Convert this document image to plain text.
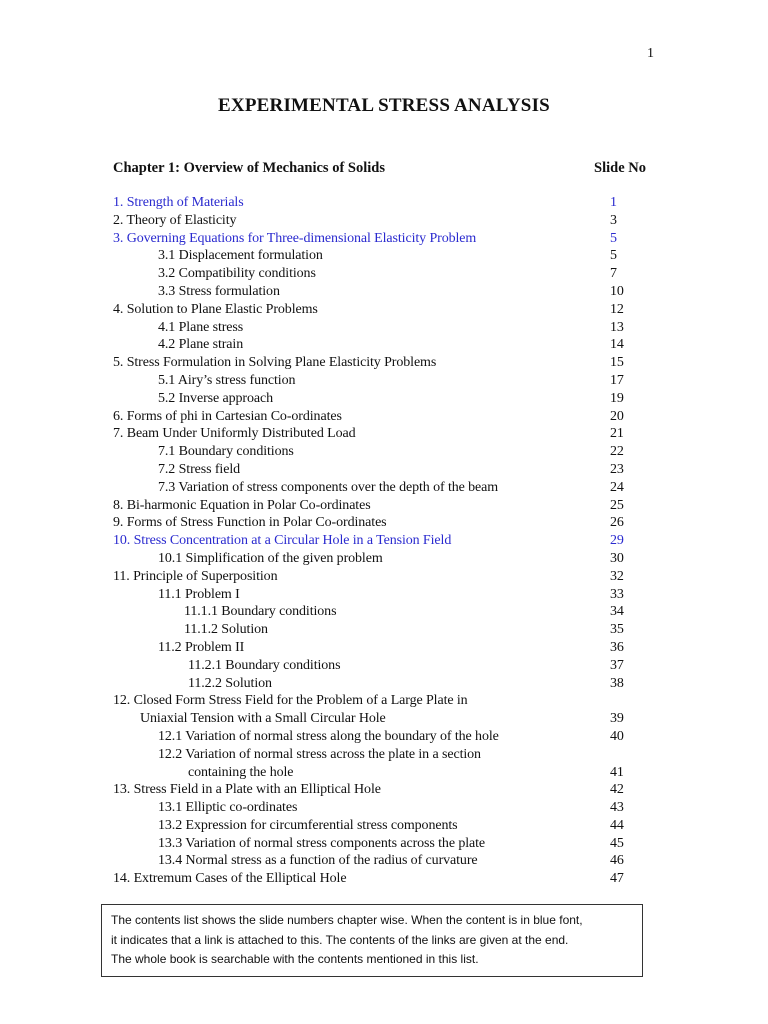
1
EXPERIMENTAL STRESS ANALYSIS
Chapter 1: Overview of Mechanics of Solids	Slide No
1. Strength of Materials	1
2. Theory of Elasticity	3
3. Governing Equations for Three-dimensional Elasticity Problem	5
3.1 Displacement formulation	5
3.2 Compatibility conditions	7
3.3 Stress formulation	10
4. Solution to Plane Elastic Problems	12
4.1 Plane stress	13
4.2 Plane strain	14
5. Stress Formulation in Solving Plane Elasticity Problems	15
5.1 Airy’s stress function	17
5.2 Inverse approach	19
6. Forms of phi in Cartesian Co-ordinates	20
7. Beam Under Uniformly Distributed Load	21
7.1 Boundary conditions	22
7.2 Stress field	23
7.3 Variation of stress components over the depth of the beam	24
8. Bi-harmonic Equation in Polar Co-ordinates	25
9. Forms of Stress Function in Polar Co-ordinates	26
10. Stress Concentration at a Circular Hole in a Tension Field	29
10.1 Simplification of the given problem	30
11. Principle of Superposition	32
11.1 Problem I	33
11.1.1 Boundary conditions	34
11.1.2 Solution	35
11.2 Problem II	36
11.2.1 Boundary conditions	37
11.2.2 Solution	38
12. Closed Form Stress Field for the Problem of a Large Plate in
Uniaxial Tension with a Small Circular Hole	39
12.1 Variation of normal stress along the boundary of the hole	40
12.2 Variation of normal stress across the plate in a section
containing the hole	41
13. Stress Field in a Plate with an Elliptical Hole	42
13.1 Elliptic co-ordinates	43
13.2 Expression for circumferential stress components	44
13.3 Variation of normal stress components across the plate	45
13.4 Normal stress as a function of the radius of curvature	46
14. Extremum Cases of the Elliptical Hole	47

The contents list shows the slide numbers chapter wise. When the content is in blue font,

it indicates that a link is attached to this. The contents of the links are given at the end.

The whole book is searchable with the contents mentioned in this list.
